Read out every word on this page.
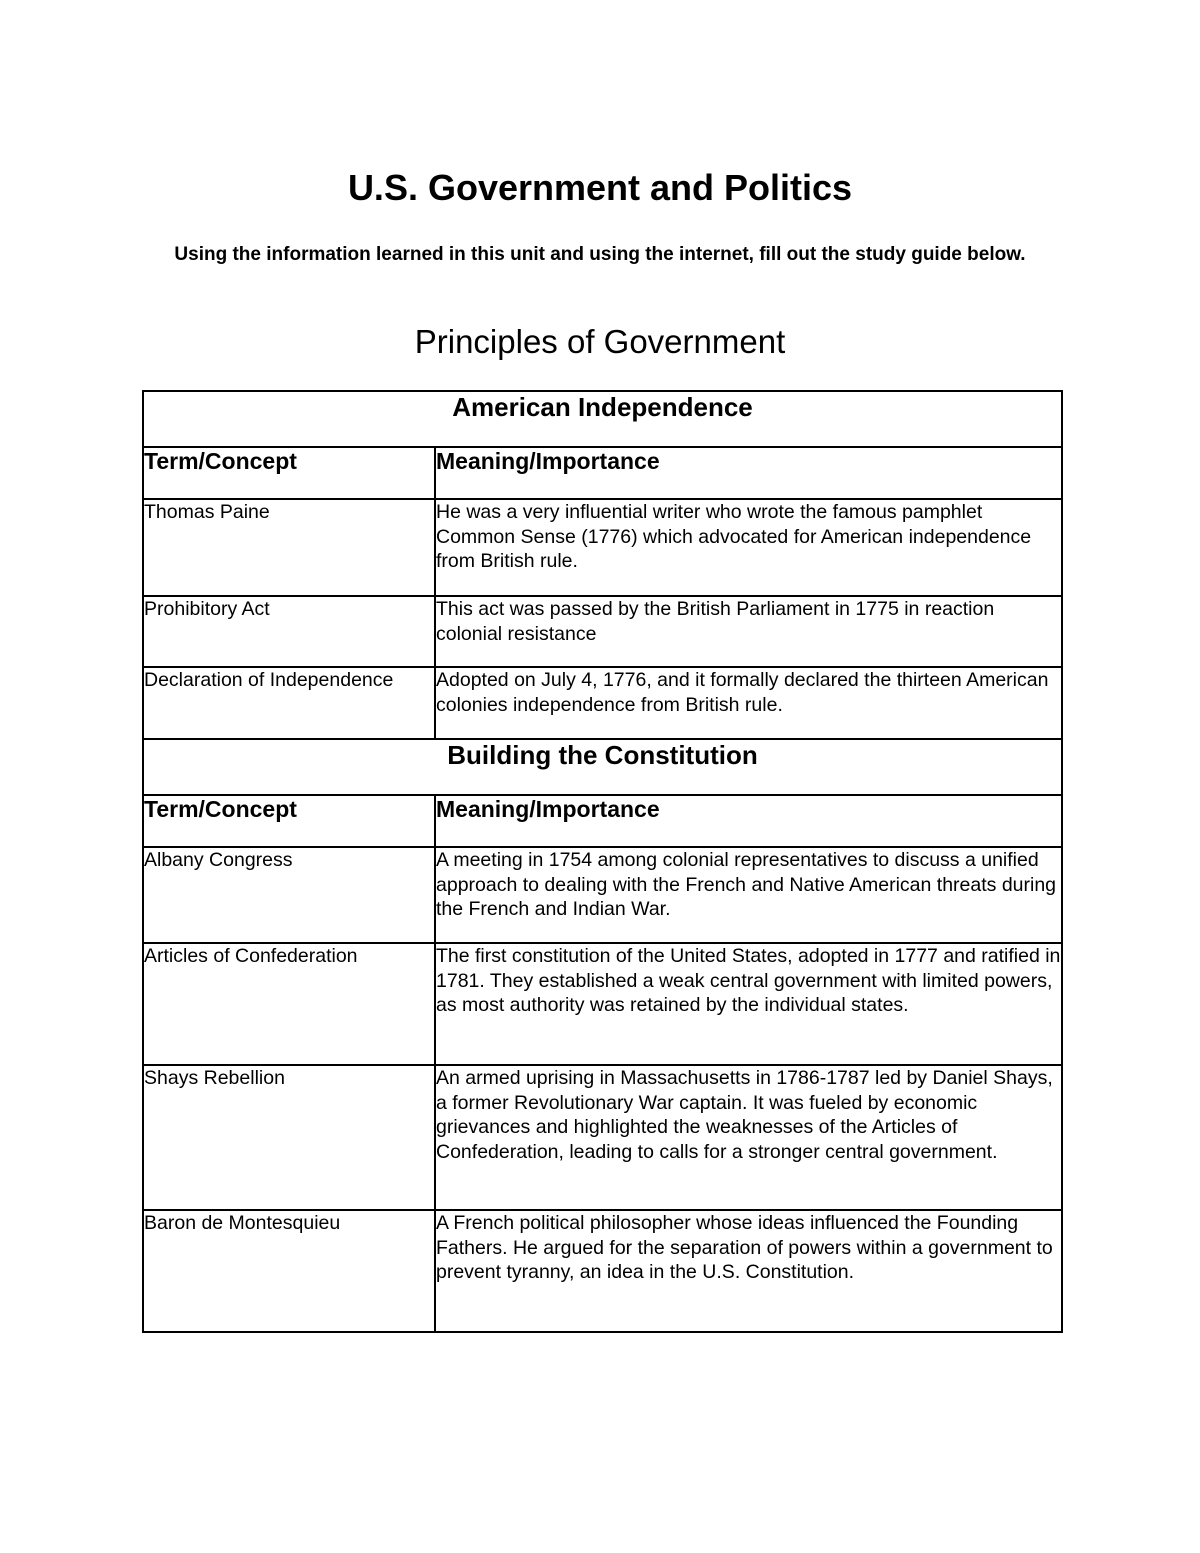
U.S. Government and Politics

Using the information learned in this unit and using the internet, fill out the study guide below.

Principles of Government
American Independence	
Term/Concept	Meaning/Importance
Thomas Paine	He was a very influential writer who wrote the famous pamphlet Common Sense (1776) which advocated for American independence from British rule.
Prohibitory Act	This act was passed by the British Parliament in 1775 in reaction colonial resistance
Declaration of Independence	Adopted on July 4, 1776, and it formally declared the thirteen American colonies independence from British rule.
Building the Constitution	
Term/Concept	Meaning/Importance
Albany Congress	A meeting in 1754 among colonial representatives to discuss a unified approach to dealing with the French and Native American threats during the French and Indian War.
Articles of Confederation	The first constitution of the United States, adopted in 1777 and ratified in 1781. They established a weak central government with limited powers, as most authority was retained by the individual states.
Shays Rebellion	An armed uprising in Massachusetts in 1786-1787 led by Daniel Shays, a former Revolutionary War captain. It was fueled by economic grievances and highlighted the weaknesses of the Articles of Confederation, leading to calls for a stronger central government.
Baron de Montesquieu	A French political philosopher whose ideas influenced the Founding Fathers. He argued for the separation of powers within a government to prevent tyranny, an idea in the U.S. Constitution.
